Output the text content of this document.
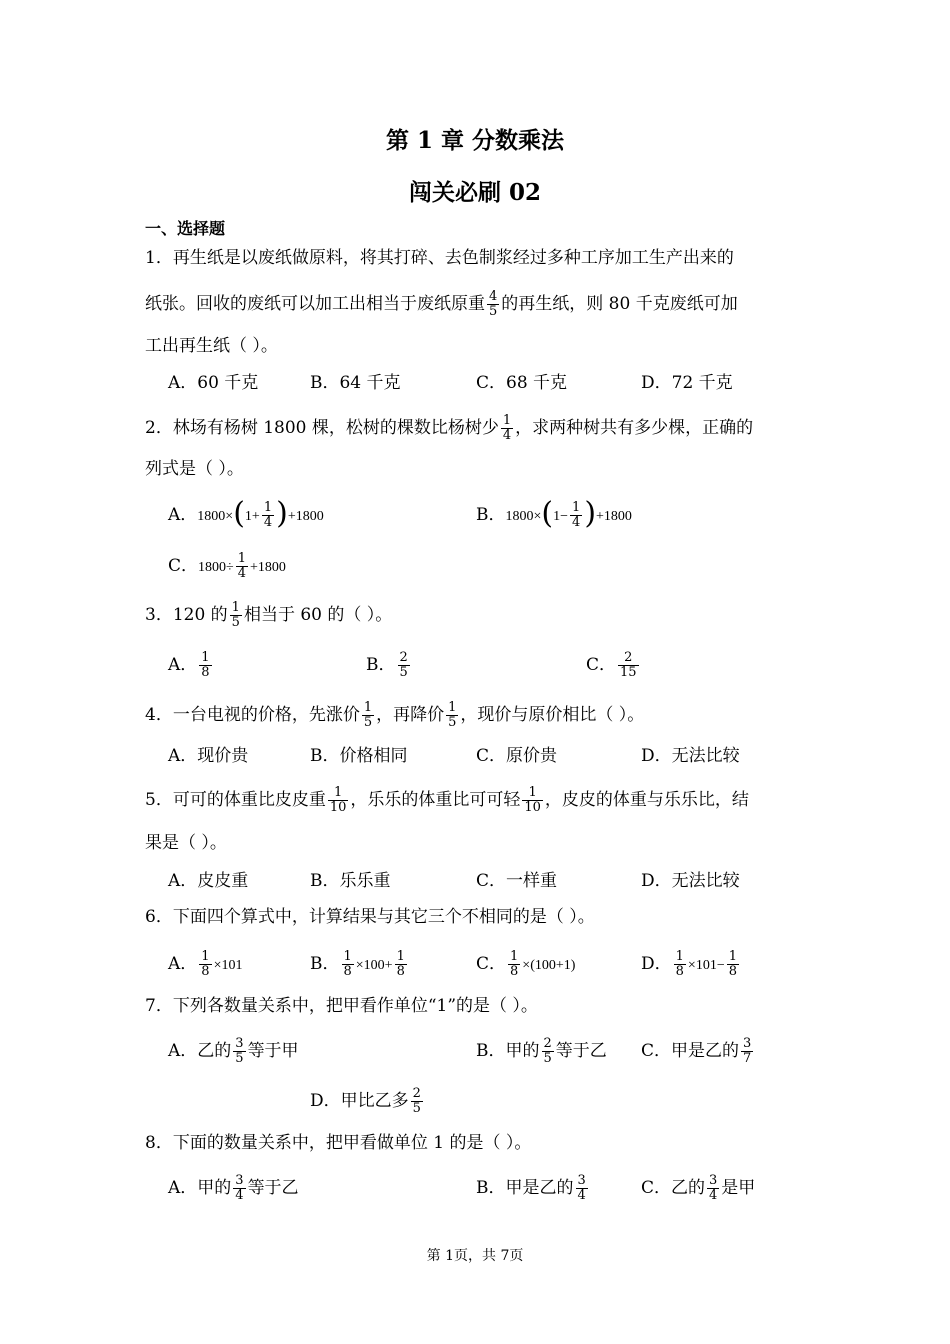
第 1 章 分数乘法
闯关必刷 02
一、选择题
1．再生纸是以废纸做原料，将其打碎、去色制浆经过多种工序加工生产出来的
纸张。回收的废纸可以加工出相当于废纸原重 $\frac{4}{5}$ 的再生纸，则 80 千克废纸可加
工出再生纸（ ）。
A．60 千克	B．64 千克	C．68 千克	D．72 千克
2．林场有杨树 1800 棵，松树的棵数比杨树少 $\frac{1}{4}$ ，求两种树共有多少棵，正确的
列式是（ ）。
A．$1800\times(1+ \frac{1}{4} )+1800$	B．$1800\times(1- \frac{1}{4} )+1800$
C．$1800\div \frac{1}{4} +1800$
3．120 的 $\frac{1}{5}$ 相当于 60 的（ ）。
A． $\frac{1}{8}$	B． $\frac{2}{5}$	C． $\frac{2}{15}$
4．一台电视的价格，先涨价 $\frac{1}{5}$ ，再降价 $\frac{1}{5}$ ，现价与原价相比（ ）。
A．现价贵	B．价格相同	C．原价贵	D．无法比较
5．可可的体重比皮皮重 $\frac{1}{10}$ ，乐乐的体重比可可轻 $\frac{1}{10}$ ，皮皮的体重与乐乐比，结
果是（ ）。
A．皮皮重	B．乐乐重	C．一样重	D．无法比较
6．下面四个算式中，计算结果与其它三个不相同的是（ ）。
A． $\frac{1}{8} \times 101$	B． $\frac{1}{8} \times 100+ \frac{1}{8}$	C． $\frac{1}{8} \times(100+1)$	D． $\frac{1}{8} \times 101- \frac{1}{8}$
7．下列各数量关系中，把甲看作单位“1”的是（ ）。
A．乙的 $\frac{3}{5}$ 等于甲	B．甲的 $\frac{2}{5}$ 等于乙 C．甲是乙的 $\frac{3}{7}$
D．甲比乙多 $\frac{2}{5}$
8．下面的数量关系中，把甲看做单位 1 的是（ ）。
A．甲的 $\frac{3}{4}$ 等于乙	B．甲是乙的 $\frac{3}{4}$	C．乙的 $\frac{3}{4}$ 是甲
第 1页，共 7页
